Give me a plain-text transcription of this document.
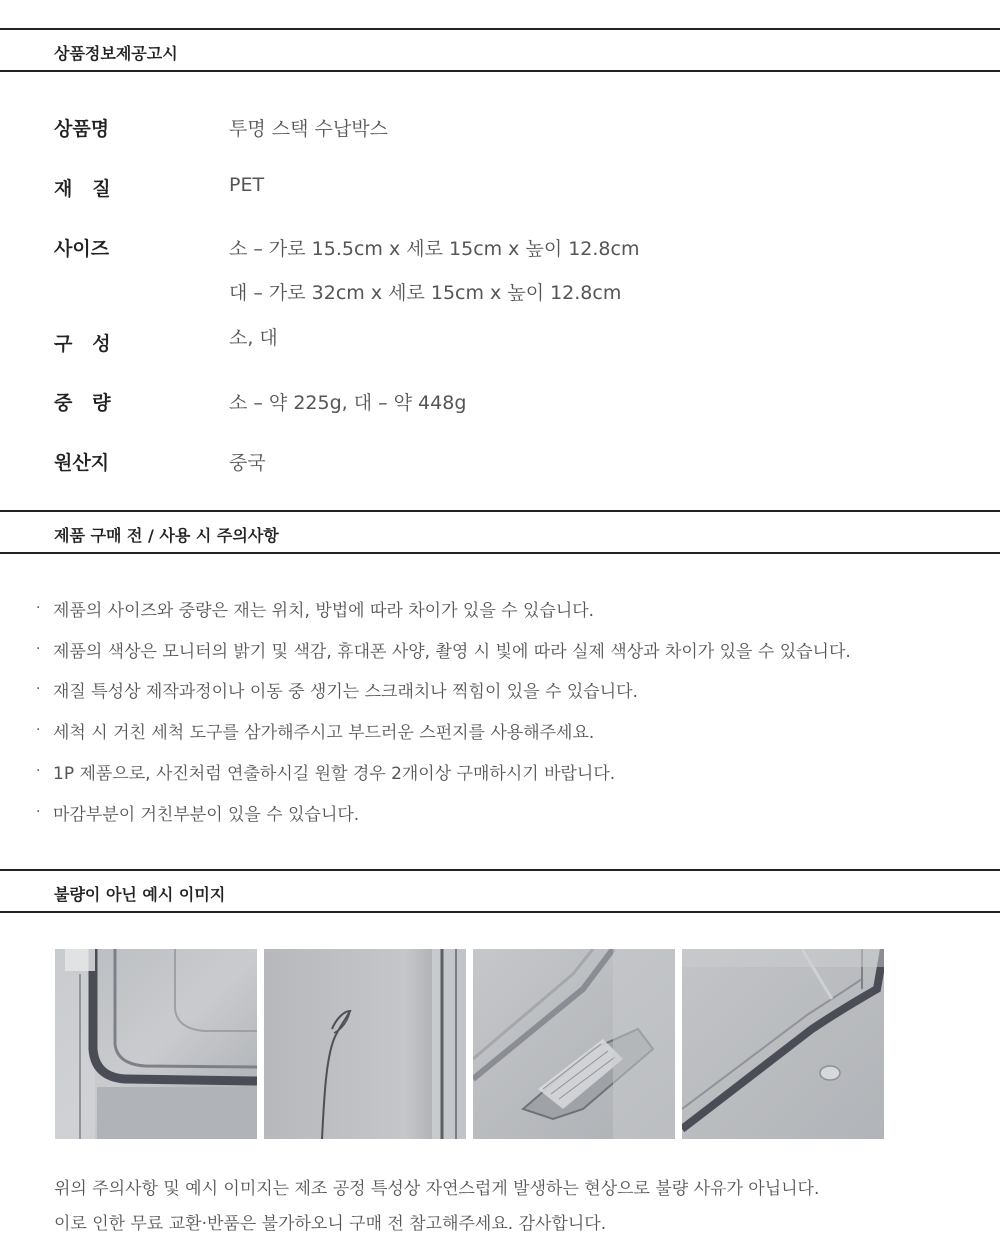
상품정보제공고시
상품명	투명 스택 수납박스
재   질	PET
사이즈	소 – 가로 15.5cm x 세로 15cm x 높이 12.8cm
대 – 가로 32cm x 세로 15cm x 높이 12.8cm
구   성	소, 대
중   량	소 – 약 225g, 대 – 약 448g
원산지	중국
제품 구매 전 / 사용 시 주의사항
· 제품의 사이즈와 중량은 재는 위치, 방법에 따라 차이가 있을 수 있습니다.
· 제품의 색상은 모니터의 밝기 및 색감, 휴대폰 사양, 촬영 시 빛에 따라 실제 색상과 차이가 있을 수 있습니다.
· 재질 특성상 제작과정이나 이동 중 생기는 스크래치나 찍힘이 있을 수 있습니다.
· 세척 시 거친 세척 도구를 삼가해주시고 부드러운 스펀지를 사용해주세요.
· 1P 제품으로, 사진처럼 연출하시길 원할 경우 2개이상 구매하시기 바랍니다.
· 마감부분이 거친부분이 있을 수 있습니다.
불량이 아닌 예시 이미지
위의 주의사항 및 예시 이미지는 제조 공정 특성상 자연스럽게 발생하는 현상으로 불량 사유가 아닙니다.
이로 인한 무료 교환·반품은 불가하오니 구매 전 참고해주세요. 감사합니다.
